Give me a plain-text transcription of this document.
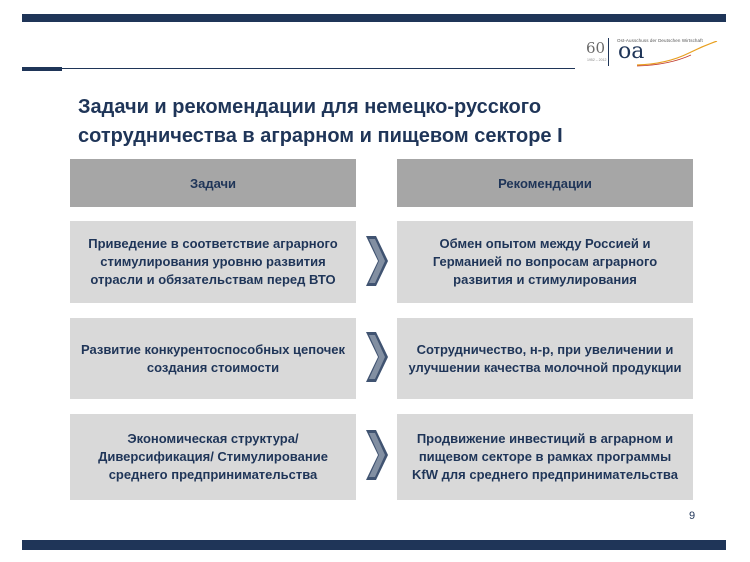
Ost-Ausschuss der Deutschen Wirtschaft
60
1952 – 2012 oa
Задачи и рекомендации для немецко-русского
сотрудничества в аграрном и пищевом секторе I
Задачи	Рекомендации
Приведение в соответствие аграрного стимулирования уровню развития отрасли и обязательствам перед ВТО
Обмен опытом между Россией и Германией по вопросам аграрного развития и стимулирования
Развитие конкурентоспособных цепочек создания стоимости
Сотрудничество, н-р, при увеличении и улучшении качества молочной продукции
Экономическая структура/Диверсификация/ Стимулирование среднего предпринимательства
Продвижение инвестиций в аграрном и пищевом секторе в рамках программы KfW для среднего предпринимательства
9
